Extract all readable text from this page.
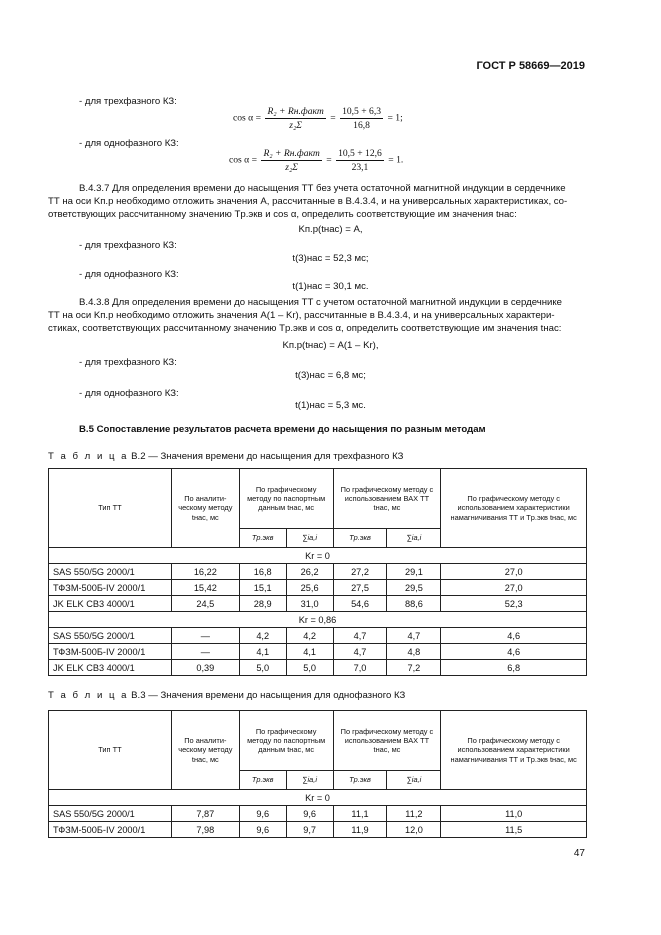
ГОСТ Р 58669—2019
- для трехфазного КЗ:
$\cos \alpha = \frac{\text{R₂ + Rн.факт}}{\text{z₂Σ}} = \frac{10,5 + 6,3}{16,8} = 1$;
- для однофазного КЗ:
$\cos \alpha = \frac{\text{R₂ + Rн.факт}}{\text{z₂Σ}} = \frac{10,5 + 12,6}{23,1} = 1$.
В.4.3.7 Для определения времени до насыщения ТТ без учета остаточной магнитной индукции в сердечнике
ТТ на оси Kп.р необходимо отложить значения А, рассчитанные в В.4.3.4, и на универсальных характеристиках, со-
ответствующих рассчитанному значению Tр.экв и cos α, определить соответствующие им значения tнас:
Kп.р(tнас) = A,
- для трехфазного КЗ:
t(3)нас = 52,3 мс;
- для однофазного КЗ:
t(1)нас = 30,1 мс.
В.4.3.8 Для определения времени до насыщения ТТ с учетом остаточной магнитной индукции в сердечнике
ТТ на оси Kп.р необходимо отложить значения A(1 – Kr), рассчитанные в В.4.3.4, и на универсальных характери-
стиках, соответствующих рассчитанному значению Tр.экв и cos α, определить соответствующие им значения tнас:
Kп.р(tнас) = A(1 – Kr),
- для трехфазного КЗ:
t(3)нас = 6,8 мс;
- для однофазного КЗ:
t(1)нас = 5,3 мс.
В.5 Сопоставление результатов расчета времени до насыщения по разным методам
Т а б л и ц а В.2 — Значения времени до насыщения для трехфазного КЗ
Тип ТТ	По аналити-ческому методу tнас, мс	По графическому методу по паспортным данным tнас, мс		По графическому методу с использованием ВАХ ТТ tнас, мс		По графическому методу с использованием характеристики намагничивания ТТ и Tр.экв tнас, мс
		Tр.экв	∑ia,i	Tр.экв	∑ia,i	
Kr = 0						
SAS 550/5G 2000/1	16,22	16,8	26,2	27,2	29,1	27,0
ТФЗМ-500Б-IV 2000/1	15,42	15,1	25,6	27,5	29,5	27,0
JK ELK CB3 4000/1	24,5	28,9	31,0	54,6	88,6	52,3
Kr = 0,86						
SAS 550/5G 2000/1	—	4,2	4,2	4,7	4,7	4,6
ТФЗМ-500Б-IV 2000/1	—	4,1	4,1	4,7	4,8	4,6
JK ELK CB3 4000/1	0,39	5,0	5,0	7,0	7,2	6,8
Т а б л и ц а В.3 — Значения времени до насыщения для однофазного КЗ
Тип ТТ	По аналити-ческому методу tнас, мс	По графическому методу по паспортным данным tнас, мс		По графическому методу с использованием ВАХ ТТ tнас, мс		По графическому методу с использованием характеристики намагничивания ТТ и Tр.экв tнас, мс
		Tр.экв	∑ia,i	Tр.экв	∑ia,i	
Kr = 0						
SAS 550/5G 2000/1	7,87	9,6	9,6	11,1	11,2	11,0
ТФЗМ-500Б-IV 2000/1	7,98	9,6	9,7	11,9	12,0	11,5
47
